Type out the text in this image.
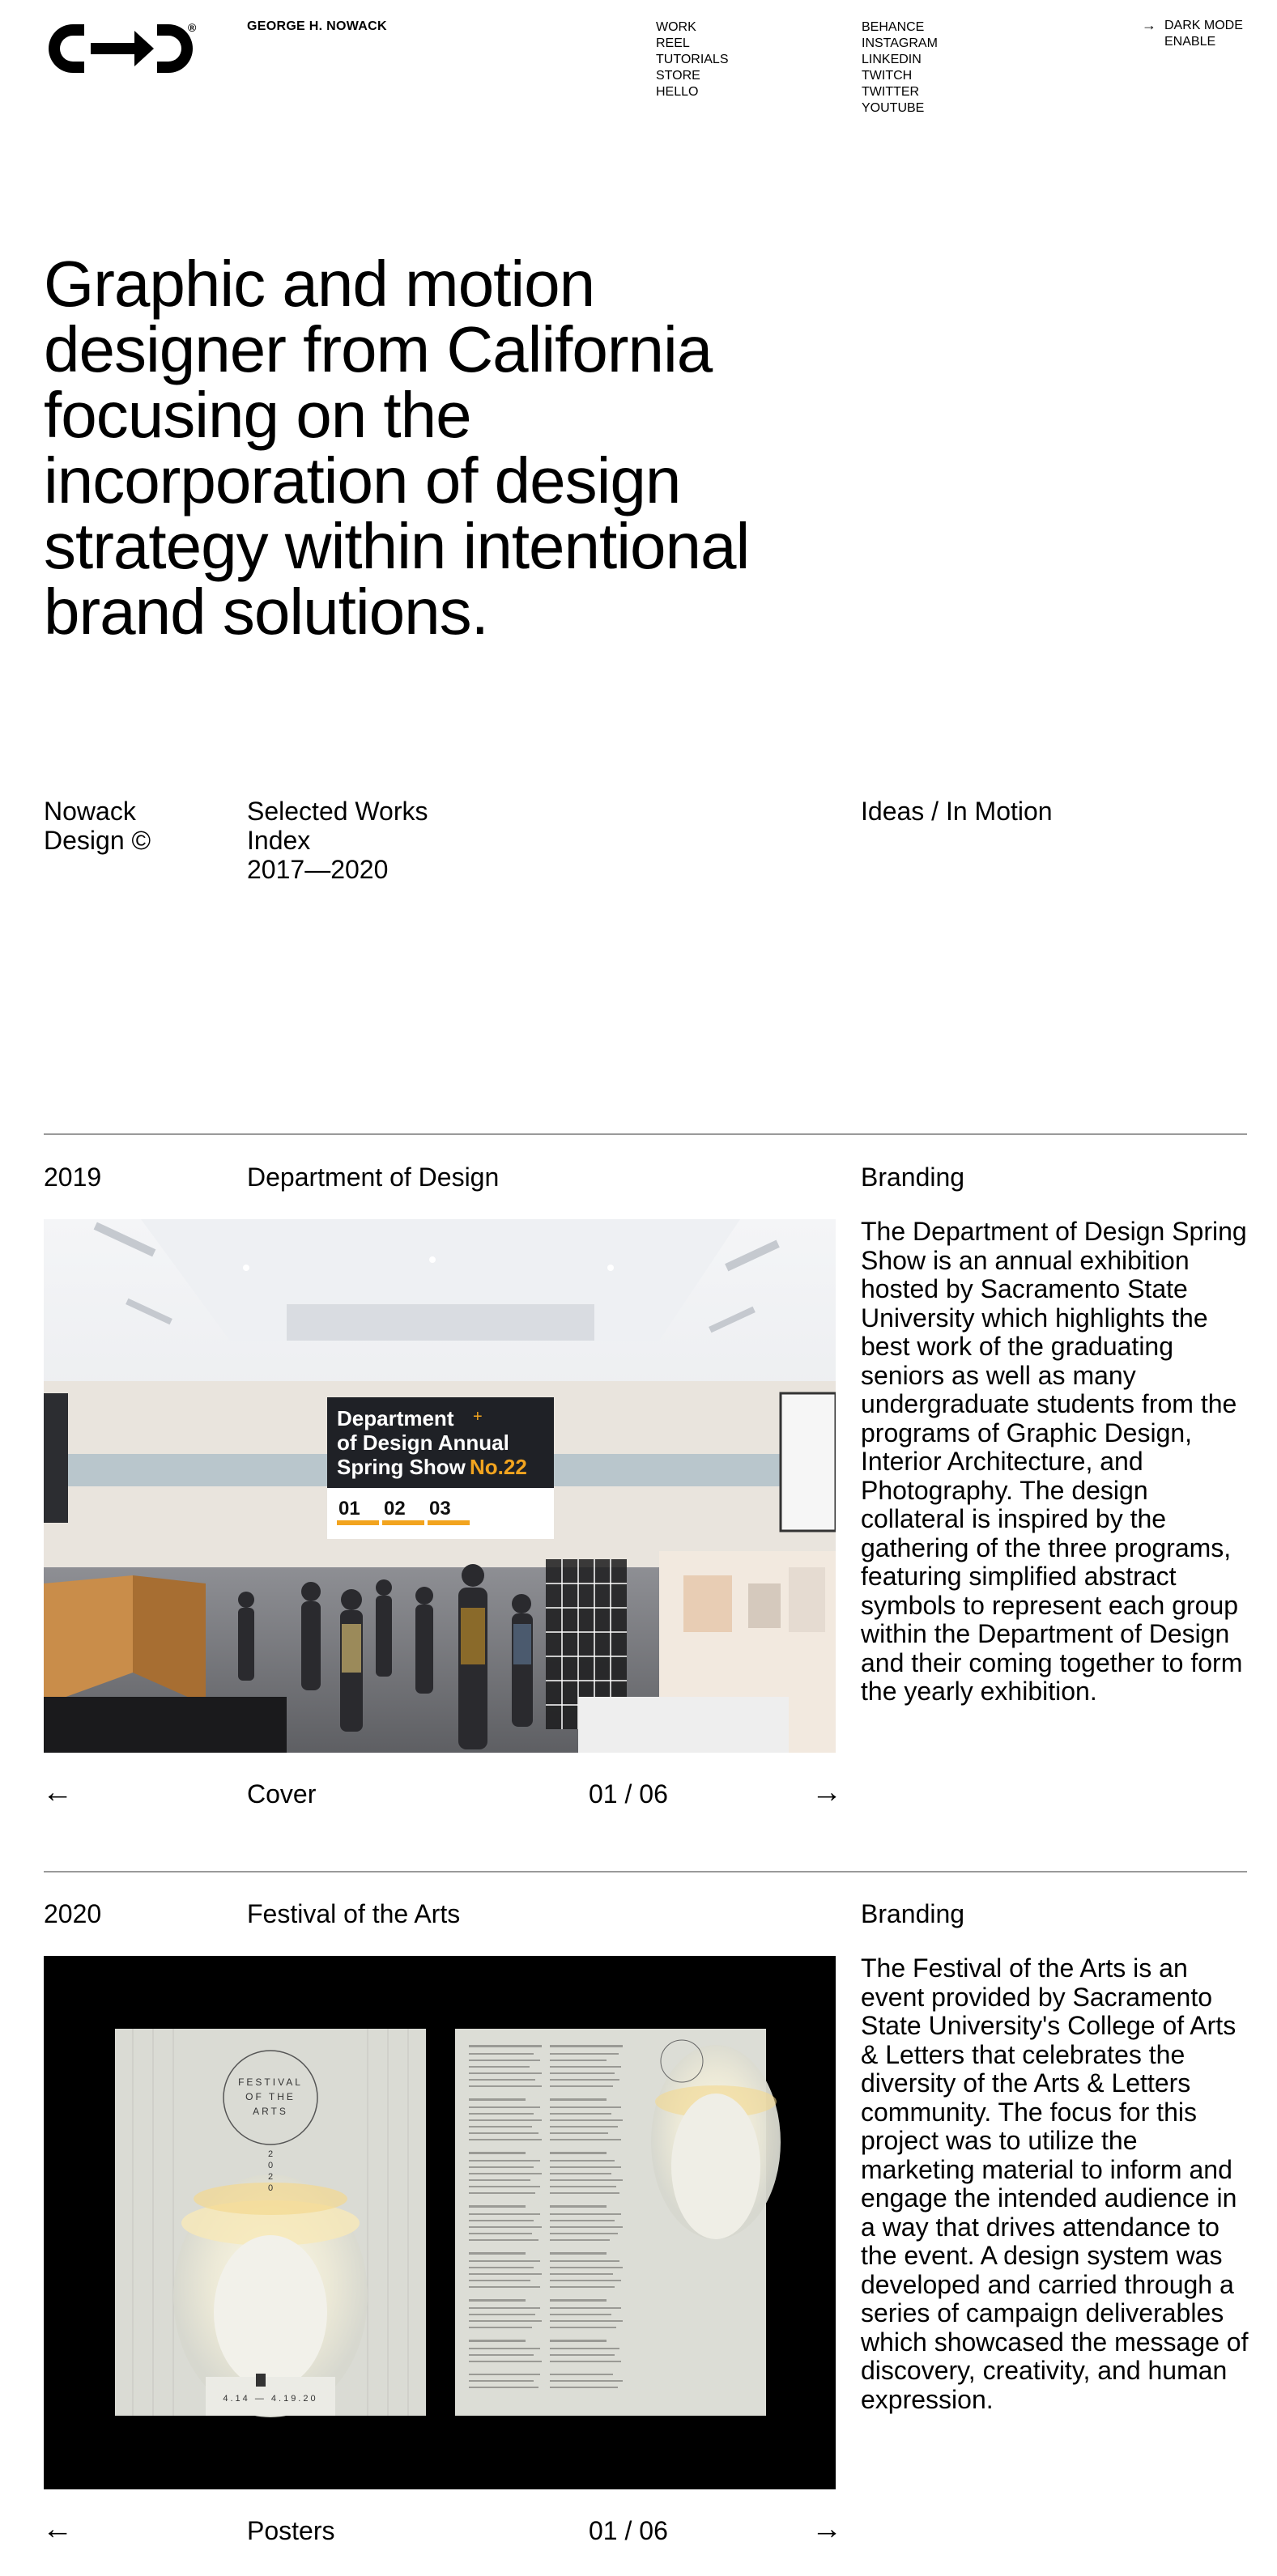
®	GEORGE H. NOWACK	WORK
REEL
TUTORIALS
STORE
HELLO
BEHANCE
INSTAGRAM
LINKEDIN
TWITCH
TWITTER
YOUTUBE
→ DARK MODE
ENABLE
Graphic and motion designer from California focusing on the incorporation of design strategy within intentional brand solutions.
Nowack
Design ©
Selected Works
Index
2017—2020
Ideas / In Motion
2019	Department of Design	Branding
Department
of Design Annual
Spring Show No.22
+
01 02 03
The Department of Design Spring Show is an annual exhibition hosted by Sacramento State University which highlights the best work of the graduating seniors as well as many undergraduate students from the programs of Graphic Design, Interior Architecture, and Photography. The design collateral is inspired by the gathering of the three programs, featuring simplified abstract symbols to represent each group within the Department of Design and their coming together to form the yearly exhibition.
←	Cover	01 / 06	→
2020	Festival of the Arts	Branding
FESTIVAL
OF THE
ARTS
2
0
2
0
4.14 — 4.19.20
The Festival of the Arts is an event provided by Sacramento State University's College of Arts & Letters that celebrates the diversity of the Arts & Letters community. The focus for this project was to utilize the marketing material to inform and engage the intended audience in a way that drives attendance to the event. A design system was developed and carried through a series of campaign deliverables which showcased the message of discovery, creativity, and human expression.
←	Posters	01 / 06	→
